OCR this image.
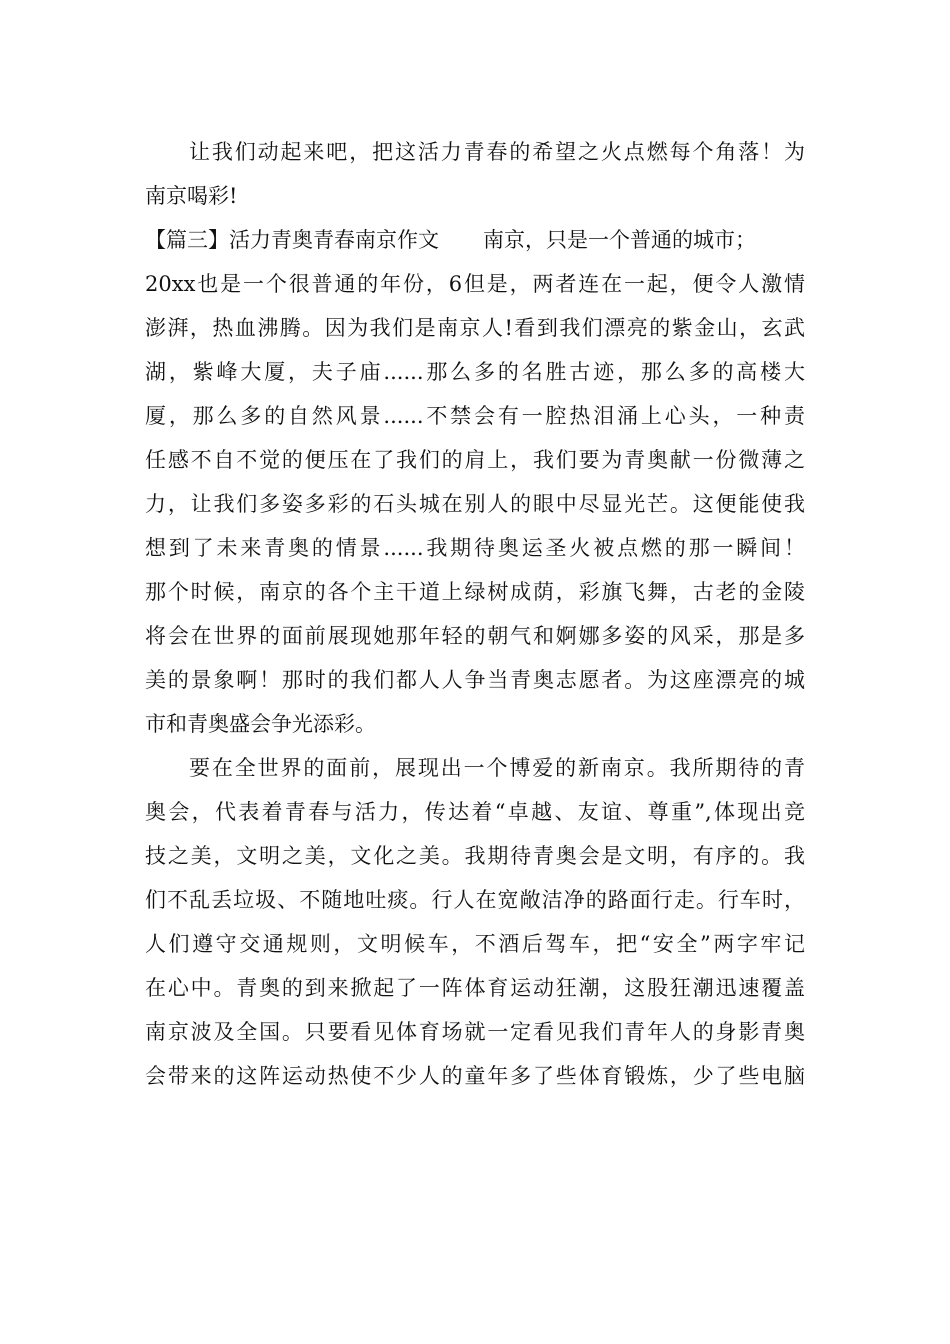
让我们动起来吧，把这活力青春的希望之火点燃每个角落！为
南京喝彩!
【篇三】活力青奥青春南京作文 南京，只是一个普通的城市；
20xx也是一个很普通的年份，6但是，两者连在一起，便令人激情
澎湃，热血沸腾。因为我们是南京人!看到我们漂亮的紫金山，玄武
湖，紫峰大厦，夫子庙......那么多的名胜古迹，那么多的高楼大
厦，那么多的自然风景......不禁会有一腔热泪涌上心头，一种责
任感不自不觉的便压在了我们的肩上，我们要为青奥献一份微薄之
力，让我们多姿多彩的石头城在别人的眼中尽显光芒。这便能使我
想到了未来青奥的情景......我期待奥运圣火被点燃的那一瞬间！
那个时候，南京的各个主干道上绿树成荫，彩旗飞舞，古老的金陵
将会在世界的面前展现她那年轻的朝气和婀娜多姿的风采，那是多
美的景象啊！那时的我们都人人争当青奥志愿者。为这座漂亮的城
市和青奥盛会争光添彩。
要在全世界的面前，展现出一个博爱的新南京。我所期待的青
奥会，代表着青春与活力，传达着“卓越、友谊、尊重”,体现出竞
技之美，文明之美，文化之美。我期待青奥会是文明，有序的。我
们不乱丢垃圾、不随地吐痰。行人在宽敞洁净的路面行走。行车时，
人们遵守交通规则，文明候车，不酒后驾车，把“安全”两字牢记
在心中。青奥的到来掀起了一阵体育运动狂潮，这股狂潮迅速覆盖
南京波及全国。只要看见体育场就一定看见我们青年人的身影青奥
会带来的这阵运动热使不少人的童年多了些体育锻炼，少了些电脑
